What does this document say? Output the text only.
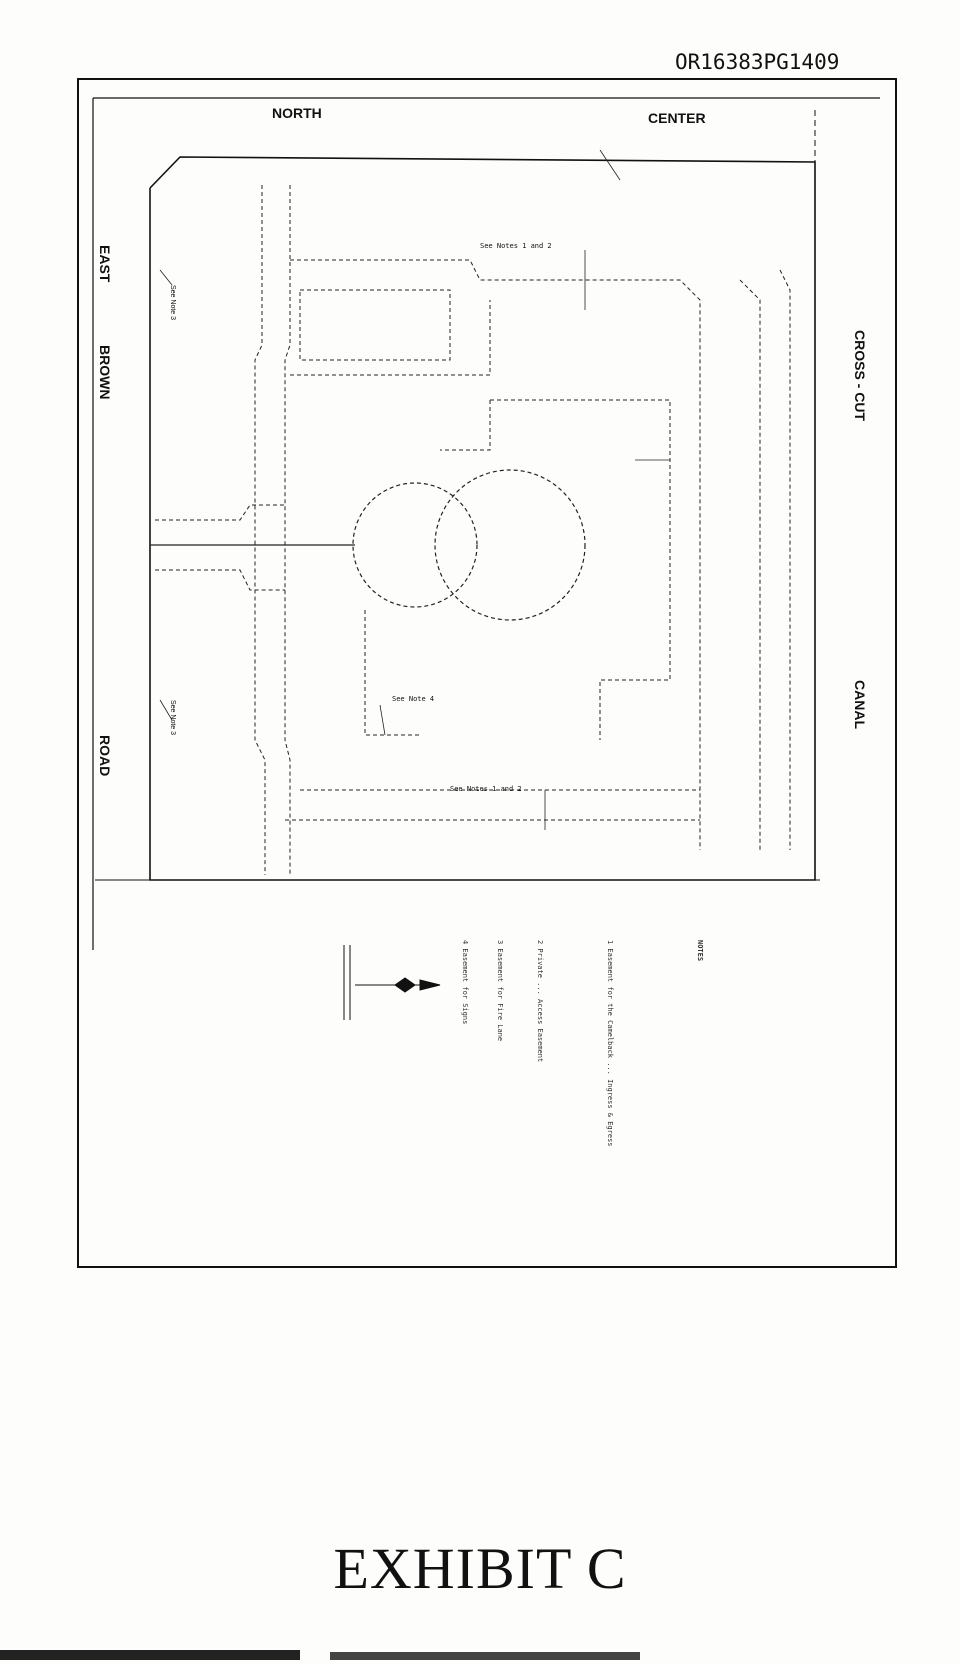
OR16383PG1409
NORTH	CENTER
EAST
BROWN
ROAD
CROSS - CUT
CANAL
See Note 3
See Note 3
See Notes 1 and 2
See Notes 1 and 2
See Note 4
NOTES
1 Easement for the Camelback ... Ingress & Egress
2 Private ... Access Easement
3 Easement for Fire Lane
4 Easement for Signs
EXHIBIT C
